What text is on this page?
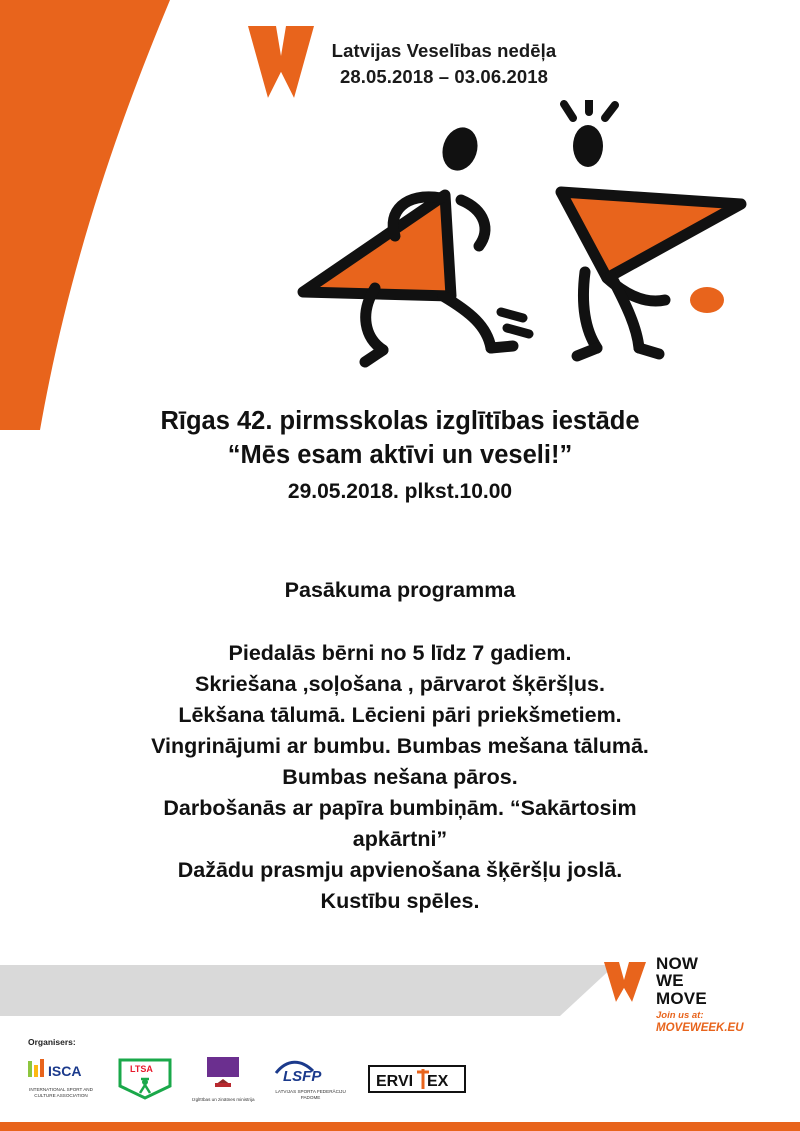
Latvijas Veselības nedēļa
28.05.2018 – 03.06.2018
Rīgas 42. pirmsskolas izglītības iestāde
“Mēs esam aktīvi un veseli!”
29.05.2018. plkst.10.00
Pasākuma programma
Piedalās bērni no 5 līdz 7 gadiem.
Skriešana ,soļošana , pārvarot šķēršļus.
Lēkšana tālumā. Lēcieni pāri priekšmetiem.
Vingrinājumi ar bumbu. Bumbas mešana tālumā.
Bumbas nešana pāros.
Darbošanās ar papīra bumbiņām. “Sakārtosim
apkārtni”
Dažādu prasmju apvienošana šķēršļu joslā.
Kustību spēles.
NOW
WE
MOVE
Join us at:
MOVEWEEK.EU
Organisers:
ISCA
INTERNATIONAL SPORT AND CULTURE ASSOCIATION
LTSA
Izglītības un zinātnes ministrija
LSFP
LATVIJAS SPORTA FEDERĀCIJU PADOME
ERVI EX
